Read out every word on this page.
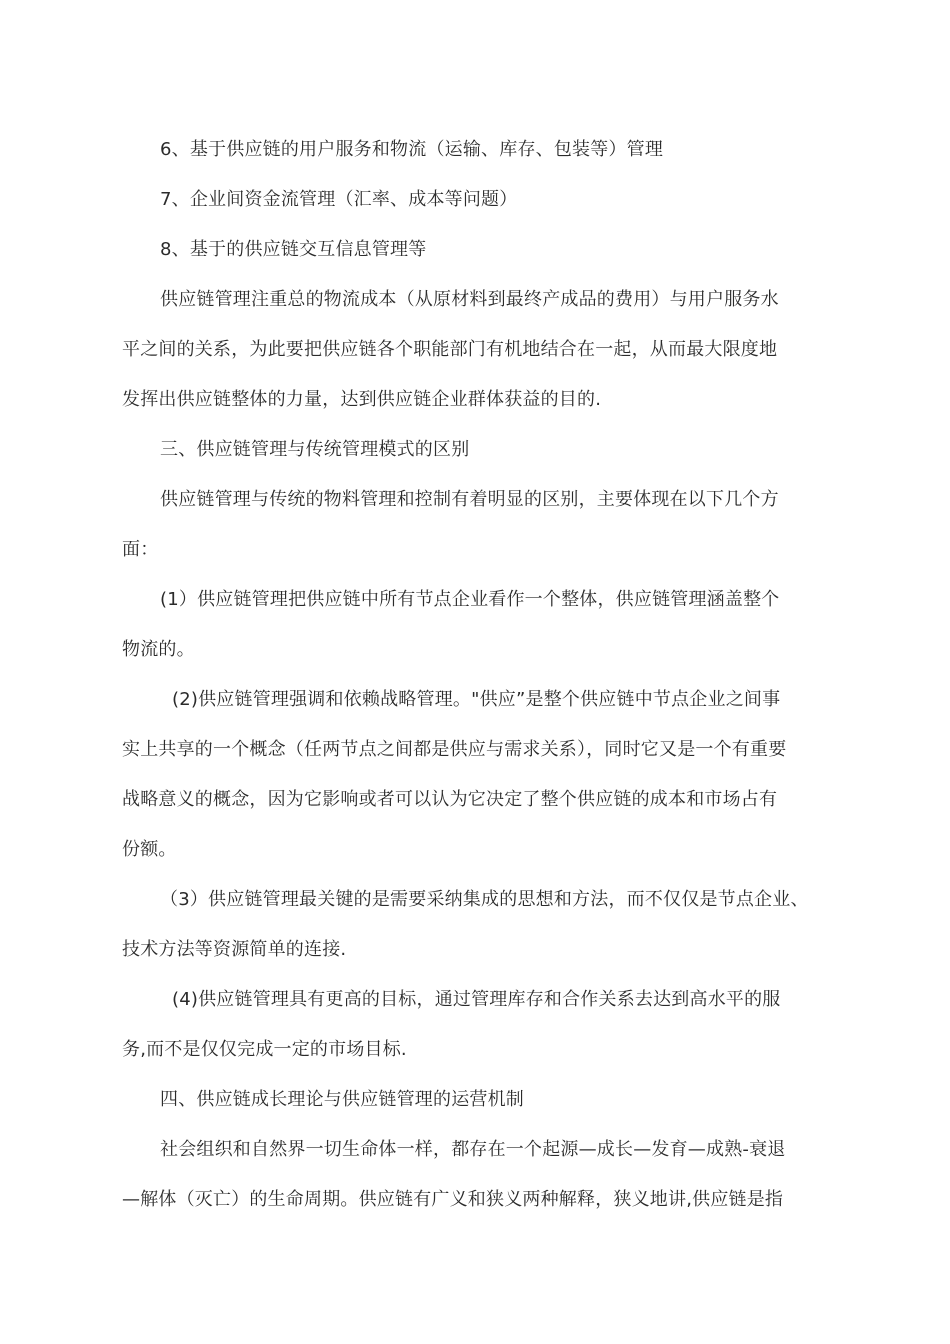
6、基于供应链的用户服务和物流（运输、库存、包装等）管理
7、企业间资金流管理（汇率、成本等问题）
8、基于的供应链交互信息管理等
供应链管理注重总的物流成本（从原材料到最终产成品的费用）与用户服务水
平之间的关系，为此要把供应链各个职能部门有机地结合在一起，从而最大限度地
发挥出供应链整体的力量，达到供应链企业群体获益的目的.
三、供应链管理与传统管理模式的区别
供应链管理与传统的物料管理和控制有着明显的区别，主要体现在以下几个方
面：
(1）供应链管理把供应链中所有节点企业看作一个整体，供应链管理涵盖整个
物流的。
(2)供应链管理强调和依赖战略管理。"供应”是整个供应链中节点企业之间事
实上共享的一个概念（任两节点之间都是供应与需求关系），同时它又是一个有重要
战略意义的概念，因为它影响或者可以认为它决定了整个供应链的成本和市场占有
份额。
（3）供应链管理最关键的是需要采纳集成的思想和方法，而不仅仅是节点企业、
技术方法等资源简单的连接.
(4)供应链管理具有更高的目标，通过管理库存和合作关系去达到高水平的服
务,而不是仅仅完成一定的市场目标.
四、供应链成长理论与供应链管理的运营机制
社会组织和自然界一切生命体一样，都存在一个起源—成长—发育—成熟-衰退
—解体（灭亡）的生命周期。供应链有广义和狭义两种解释，狭义地讲,供应链是指
